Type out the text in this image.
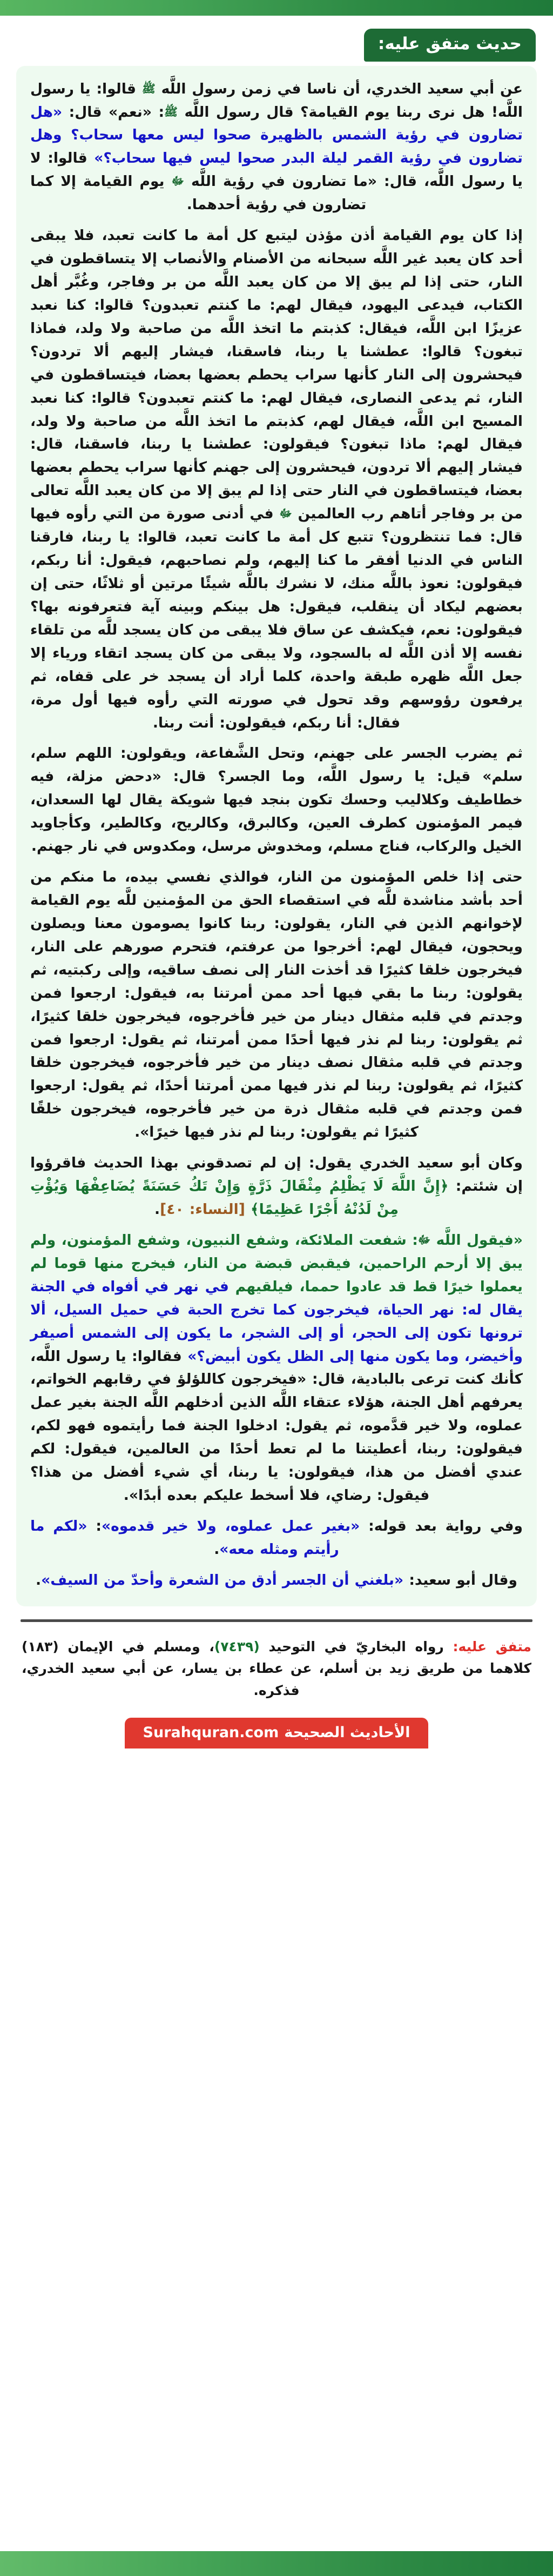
حديث متفق عليه:
عن أبي سعيد الخدري، أن ناسا في زمن رسول اللَّه ﷺ قالوا: يا رسول اللَّه! هل نرى ربنا يوم القيامة؟ قال رسول اللَّه ﷺ: «نعم» قال: «هل تضارون في رؤية الشمس بالظهيرة صحوا ليس معها سحاب؟ وهل تضارون في رؤية القمر ليلة البدر صحوا ليس فيها سحاب؟» قالوا: لا يا رسول اللَّه، قال: «ما تضارون في رؤية اللَّه ﷻ يوم القيامة إلا كما تضارون في رؤية أحدهما.
إذا كان يوم القيامة أذن مؤذن ليتبع كل أمة ما كانت تعبد، فلا يبقى أحد كان يعبد غير اللَّه سبحانه من الأصنام والأنصاب إلا يتساقطون في النار، حتى إذا لم يبق إلا من كان يعبد اللَّه من بر وفاجر، وغُبَّر أهل الكتاب، فيدعى اليهود، فيقال لهم: ما كنتم تعبدون؟ قالوا: كنا نعبد عزيزًا ابن اللَّه، فيقال: كذبتم ما اتخذ اللَّه من صاحبة ولا ولد، فماذا تبغون؟ قالوا: عطشنا يا ربنا، فاسقنا، فيشار إليهم ألا تردون؟ فيحشرون إلى النار كأنها سراب يحطم بعضها بعضا، فيتساقطون في النار، ثم يدعى النصارى، فيقال لهم: ما كنتم تعبدون؟ قالوا: كنا نعبد المسيح ابن اللَّه، فيقال لهم، كذبتم ما اتخذ اللَّه من صاحبة ولا ولد، فيقال لهم: ماذا تبغون؟ فيقولون: عطشنا يا ربنا، فاسقنا، قال: فيشار إليهم ألا تردون، فيحشرون إلى جهنم كأنها سراب يحطم بعضها بعضا، فيتساقطون في النار حتى إذا لم يبق إلا من كان يعبد اللَّه تعالى من بر وفاجر أتاهم رب العالمين ﷻ في أدنى صورة من التي رأوه فيها قال: فما تنتظرون؟ تتبع كل أمة ما كانت تعبد، قالوا: يا ربنا، فارقنا الناس في الدنيا أفقر ما كنا إليهم، ولم نصاحبهم، فيقول: أنا ربكم، فيقولون: نعوذ باللَّه منك، لا نشرك باللَّه شيئًا مرتين أو ثلاثًا، حتى إن بعضهم ليكاد أن ينقلب، فيقول: هل بينكم وبينه آية فتعرفونه بها؟ فيقولون: نعم، فيكشف عن ساق فلا يبقى من كان يسجد للَّه من تلقاء نفسه إلا أذن اللَّه له بالسجود، ولا يبقى من كان يسجد اتقاء ورياء إلا جعل اللَّه ظهره طبقة واحدة، كلما أراد أن يسجد خر على قفاه، ثم يرفعون رؤوسهم وقد تحول في صورته التي رأوه فيها أول مرة، فقال: أنا ربكم، فيقولون: أنت ربنا.
ثم يضرب الجسر على جهنم، وتحل الشَّفاعة، ويقولون: اللهم سلم، سلم» قيل: يا رسول اللَّه، وما الجسر؟ قال: «دحض مزلة، فيه خطاطيف وكلاليب وحسك تكون بنجد فيها شويكة يقال لها السعدان، فيمر المؤمنون كطرف العين، وكالبرق، وكالريح، وكالطير، وكأجاويد الخيل والركاب، فناج مسلم، ومخدوش مرسل، ومكدوس في نار جهنم.
حتى إذا خلص المؤمنون من النار، فوالذي نفسي بيده، ما منكم من أحد بأشد مناشدة للَّه في استقصاء الحق من المؤمنين للَّه يوم القيامة لإخوانهم الذين في النار، يقولون: ربنا كانوا يصومون معنا ويصلون ويحجون، فيقال لهم: أخرجوا من عرفتم، فتحرم صورهم على النار، فيخرجون خلقا كثيرًا قد أخذت النار إلى نصف ساقيه، وإلى ركبتيه، ثم يقولون: ربنا ما بقي فيها أحد ممن أمرتنا به، فيقول: ارجعوا فمن وجدتم في قلبه مثقال دينار من خير فأخرجوه، فيخرجون خلقا كثيرًا، ثم يقولون: ربنا لم نذر فيها أحدًا ممن أمرتنا، ثم يقول: ارجعوا فمن وجدتم في قلبه مثقال نصف دينار من خير فأخرجوه، فيخرجون خلقا كثيرًا، ثم يقولون: ربنا لم نذر فيها ممن أمرتنا أحدًا، ثم يقول: ارجعوا فمن وجدتم في قلبه مثقال ذرة من خير فأخرجوه، فيخرجون خلقًا كثيرًا ثم يقولون: ربنا لم نذر فيها خيرًا».
وكان أبو سعيد الخدري يقول: إن لم تصدقوني بهذا الحديث فاقرؤوا إن شئتم: ﴿إِنَّ اللَّهَ لَا يَظْلِمُ مِثْقَالَ ذَرَّةٍ وَإِنْ تَكُ حَسَنَةً يُضَاعِفْهَا وَيُؤْتِ مِنْ لَدُنْهُ أَجْرًا عَظِيمًا﴾ [النساء: ٤٠].
«فيقول اللَّه ﷻ: شفعت الملائكة، وشفع النبيون، وشفع المؤمنون، ولم يبق إلا أرحم الراحمين، فيقبض قبضة من النار، فيخرج منها قوما لم يعملوا خيرًا قط قد عادوا حمما، فيلقيهم في نهر في أفواه في الجنة يقال له: نهر الحياة، فيخرجون كما تخرج الحبة في حميل السيل، ألا ترونها تكون إلى الحجر، أو إلى الشجر، ما يكون إلى الشمس أصيفر وأخيضر، وما يكون منها إلى الظل يكون أبيض؟» فقالوا: يا رسول اللَّه، كأنك كنت ترعى بالبادية، قال: «فيخرجون كاللؤلؤ في رقابهم الخواتم، يعرفهم أهل الجنة، هؤلاء عتقاء اللَّه الذين أدخلهم اللَّه الجنة بغير عمل عملوه، ولا خير قدَّموه، ثم يقول: ادخلوا الجنة فما رأيتموه فهو لكم، فيقولون: ربنا، أعطيتنا ما لم تعط أحدًا من العالمين، فيقول: لكم عندي أفضل من هذا، فيقولون: يا ربنا، أي شيء أفضل من هذا؟ فيقول: رضاي، فلا أسخط عليكم بعده أبدًا».
وفي رواية بعد قوله: «بغير عمل عملوه، ولا خير قدموه»: «لكم ما رأيتم ومثله معه».
وقال أبو سعيد: «بلغني أن الجسر أدق من الشعرة وأحدّ من السيف».
متفق عليه: رواه البخاريّ في التوحيد (٧٤٣٩)، ومسلم في الإيمان (١٨٣) كلاهما من طريق زيد بن أسلم، عن عطاء بن يسار، عن أبي سعيد الخدري، فذكره.
الأحاديث الصحيحة
Surahquran.com
